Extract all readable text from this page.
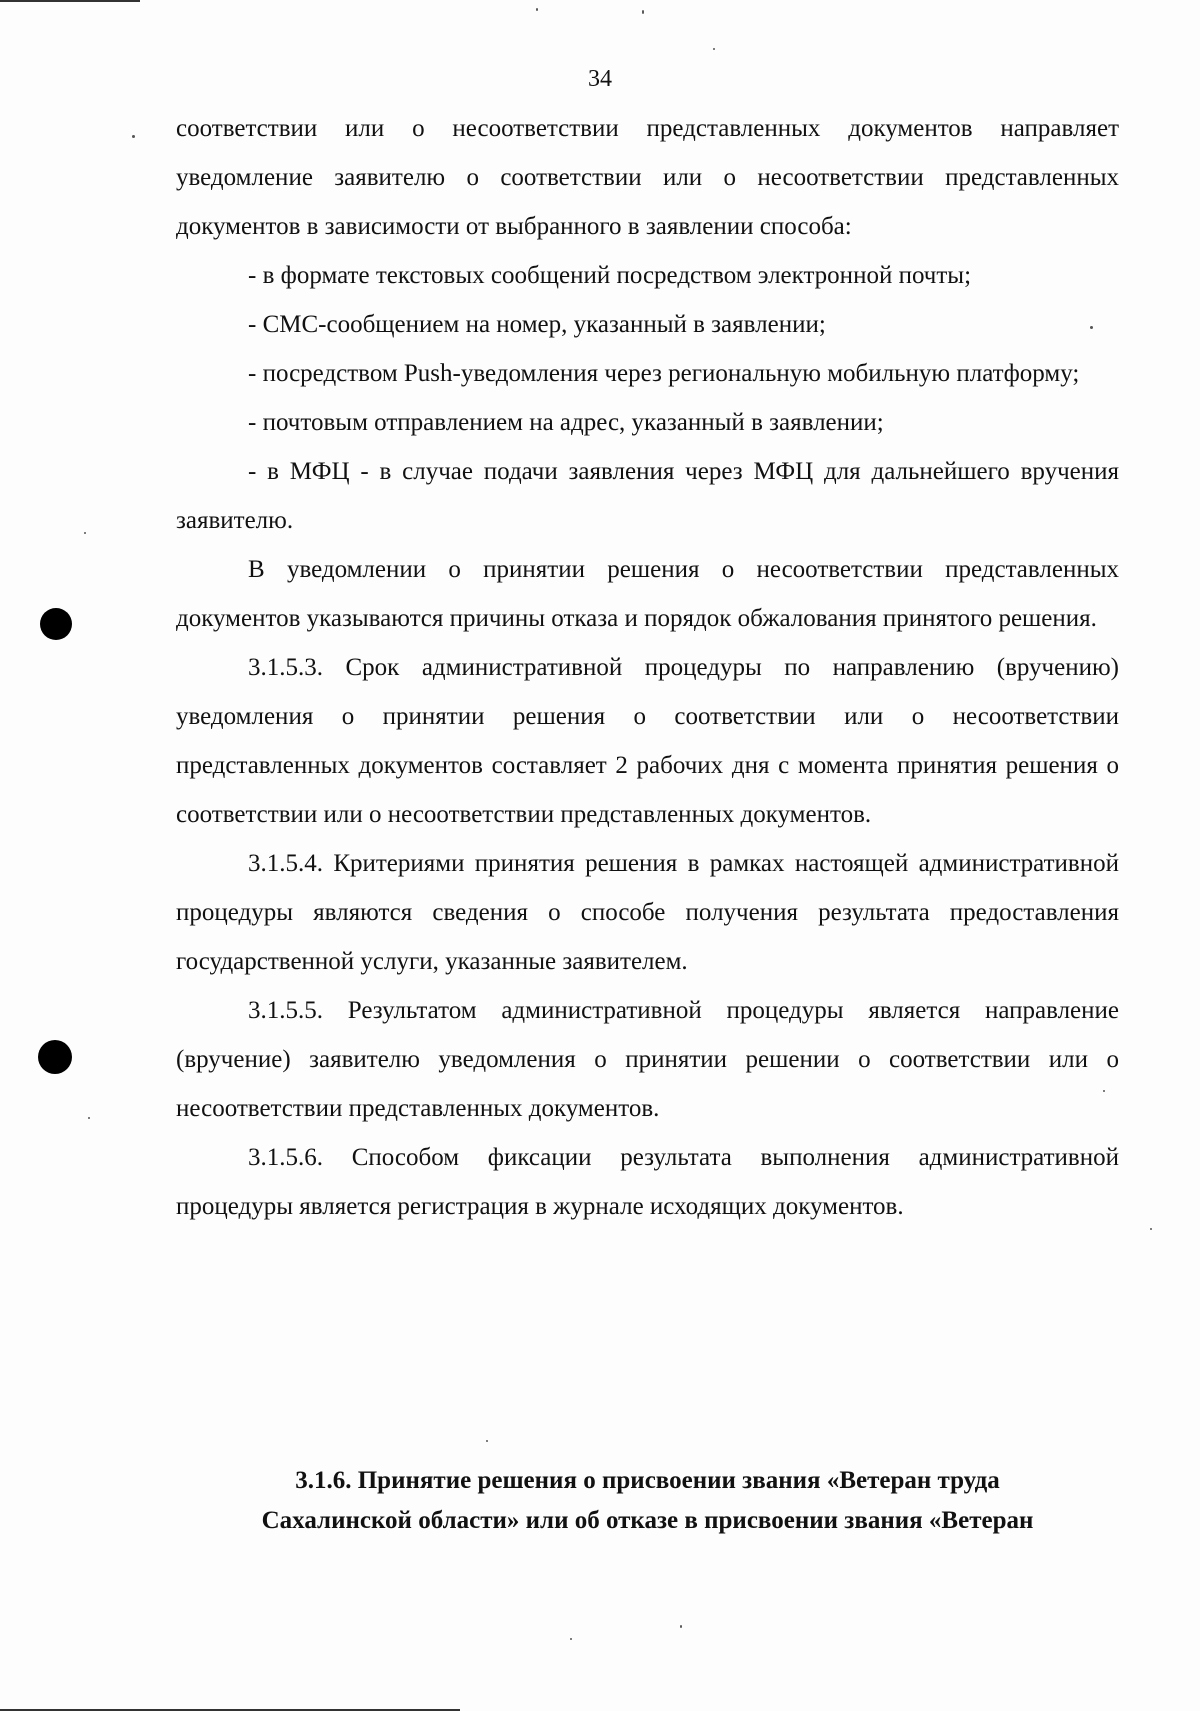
34

соответствии или о несоответствии представленных документов направляет уведомление заявителю о соответствии или о несоответствии представленных документов в зависимости от выбранного в заявлении способа:

- в формате текстовых сообщений посредством электронной почты;

- СМС-сообщением на номер, указанный в заявлении;

- посредством Push-уведомления через региональную мобильную платформу;

- почтовым отправлением на адрес, указанный в заявлении;

- в МФЦ - в случае подачи заявления через МФЦ для дальнейшего вручения заявителю.

В уведомлении о принятии решения о несоответствии представленных документов указываются причины отказа и порядок обжалования принятого решения.

3.1.5.3. Срок административной процедуры по направлению (вручению) уведомления о принятии решения о соответствии или о несоответствии представленных документов составляет 2 рабочих дня с момента принятия решения о соответствии или о несоответствии представленных документов.

3.1.5.4. Критериями принятия решения в рамках настоящей административной процедуры являются сведения о способе получения результата предоставления государственной услуги, указанные заявителем.

3.1.5.5. Результатом административной процедуры является направление (вручение) заявителю уведомления о принятии решении о соответствии или о несоответствии представленных документов.

3.1.5.6. Способом фиксации результата выполнения административной процедуры является регистрация в журнале исходящих документов.

3.1.6. Принятие решения о присвоении звания «Ветеран труда
Сахалинской области» или об отказе в присвоении звания «Ветеран
